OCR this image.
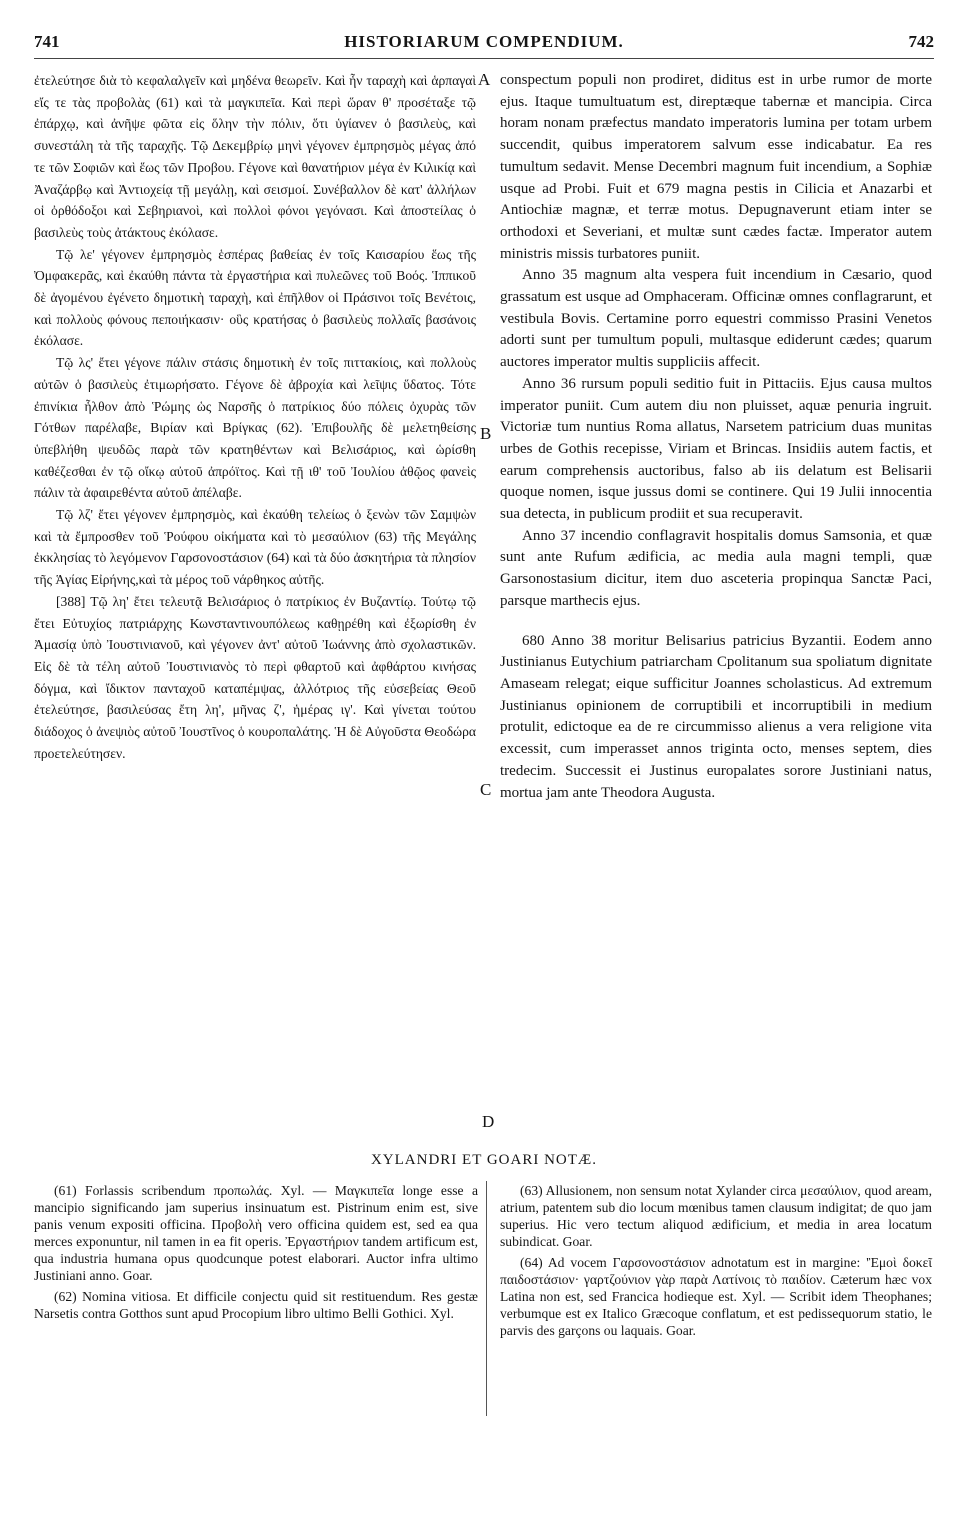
741	HISTORIARUM COMPENDIUM.	742

ἐτελεύτησε διὰ τὸ κεφαλαλγεῖν καὶ μηδένα θεωρεῖν. Καὶ ἦν ταραχὴ καὶ ἁρπαγαὶ εἴς τε τὰς προβολὰς (61) καὶ τὰ μαγκιπεῖα. Καὶ περὶ ὥραν θ' προσέταξε τῷ ἐπάρχῳ, καὶ ἀνῆψε φῶτα εἰς ὅλην τὴν πόλιν, ὅτι ὑγίανεν ὁ βασιλεὺς, καὶ συνεστάλη τὰ τῆς ταραχῆς. Τῷ Δεκεμβρίῳ μηνὶ γέγονεν ἐμπρησμὸς μέγας ἀπό τε τῶν Σοφιῶν καὶ ἕως τῶν Προβου. Γέγονε καὶ θανατήριον μέγα ἐν Κιλικίᾳ καὶ Ἀναζάρβῳ καὶ Ἀντιοχείᾳ τῇ μεγάλῃ, καὶ σεισμοί. Συνέβαλλον δὲ κατ' ἀλλήλων οἱ ὀρθόδοξοι καὶ Σεβηριανοὶ, καὶ πολλοὶ φόνοι γεγόνασι. Καὶ ἀποστείλας ὁ βασιλεὺς τοὺς ἀτάκτους ἐκόλασε.

Τῷ λε' γέγονεν ἐμπρησμὸς ἑσπέρας βαθείας ἐν τοῖς Καισαρίου ἕως τῆς Ὀμφακερᾶς, καὶ ἐκαύθη πάντα τὰ ἐργαστήρια καὶ πυλεῶνες τοῦ Βοός. Ἱππικοῦ δὲ ἀγομένου ἐγένετο δημοτικὴ ταραχὴ, καὶ ἐπῆλθον οἱ Πράσινοι τοῖς Βενέτοις, καὶ πολλοὺς φόνους πεποιήκασιν· οὓς κρατήσας ὁ βασιλεὺς πολλαῖς βασάνοις ἐκόλασε.

Τῷ λς' ἔτει γέγονε πάλιν στάσις δημοτικὴ ἐν τοῖς πιττακίοις, καὶ πολλοὺς αὐτῶν ὁ βασιλεὺς ἐτιμωρήσατο. Γέγονε δὲ ἀβροχία καὶ λεῖψις ὕδατος. Τότε ἐπινίκια ἦλθον ἀπὸ Ῥώμης ὡς Ναρσῆς ὁ πατρίκιος δύο πόλεις ὀχυρὰς τῶν Γότθων παρέλαβε, Βιρίαν καὶ Βρίγκας (62). Ἐπιβουλῆς δὲ μελετηθείσης ὑπεβλήθη ψευδῶς παρὰ τῶν κρατηθέντων καὶ Βελισάριος, καὶ ὡρίσθη καθέζεσθαι ἐν τῷ οἴκῳ αὐτοῦ ἀπρόϊτος. Καὶ τῇ ιθ' τοῦ Ἰουλίου ἀθῷος φανεὶς πάλιν τὰ ἀφαιρεθέντα αὐτοῦ ἀπέλαβε.

Τῷ λζ' ἔτει γέγονεν ἐμπρησμὸς, καὶ ἐκαύθη τελείως ὁ ξενὼν τῶν Σαμψὼν καὶ τὰ ἔμπροσθεν τοῦ Ῥούφου οἰκήματα καὶ τὸ μεσαύλιον (63) τῆς Μεγάλης ἐκκλησίας τὸ λεγόμενον Γαρσονοστάσιον (64) καὶ τὰ δύο ἀσκητήρια τὰ πλησίον τῆς Ἁγίας Εἰρήνης,καὶ τὰ μέρος τοῦ νάρθηκος αὐτῆς.

[388] Τῷ λη' ἔτει τελευτᾷ Βελισάριος ὁ πατρίκιος ἐν Βυζαντίῳ. Τούτῳ τῷ ἔτει Εὐτυχίος πατριάρχης Κωνσταντινουπόλεως καθῃρέθη καὶ ἐξωρίσθη ἐν Ἀμασίᾳ ὑπὸ Ἰουστινιανοῦ, καὶ γέγονεν ἀντ' αὐτοῦ Ἰωάννης ἀπὸ σχολαστικῶν. Εἰς δὲ τὰ τέλη αὐτοῦ Ἰουστινιανὸς τὸ περὶ φθαρτοῦ καὶ ἀφθάρτου κινήσας δόγμα, καὶ ἴδικτον πανταχοῦ καταπέμψας, ἀλλότριος τῆς εὐσεβείας Θεοῦ ἐτελεύτησε, βασιλεύσας ἔτη λη', μῆνας ζ', ἡμέρας ιγ'. Καὶ γίνεται τούτου διάδοχος ὁ ἀνεψιὸς αὐτοῦ Ἰουστῖνος ὁ κουροπαλάτης. Ἡ δὲ Αὐγοῦστα Θεοδώρα προετελεύτησεν.

A
B
C
D

conspectum populi non prodiret, diditus est in urbe rumor de morte ejus. Itaque tumultuatum est, direptæque tabernæ et mancipia. Circa horam nonam præfectus mandato imperatoris lumina per totam urbem succendit, quibus imperatorem salvum esse indicabatur. Ea res tumultum sedavit. Mense Decembri magnum fuit incendium, a Sophiæ usque ad Probi. Fuit et 679 magna pestis in Cilicia et Anazarbi et Antiochiæ magnæ, et terræ motus. Depugnaverunt etiam inter se orthodoxi et Severiani, et multæ sunt cædes factæ. Imperator autem ministris missis turbatores puniit.

Anno 35 magnum alta vespera fuit incendium in Cæsario, quod grassatum est usque ad Omphaceram. Officinæ omnes conflagrarunt, et vestibula Bovis. Certamine porro equestri commisso Prasini Venetos adorti sunt per tumultum populi, multasque ediderunt cædes; quarum auctores imperator multis suppliciis affecit.

Anno 36 rursum populi seditio fuit in Pittaciis. Ejus causa multos imperator puniit. Cum autem diu non pluisset, aquæ penuria ingruit. Victoriæ tum nuntius Roma allatus, Narsetem patricium duas munitas urbes de Gothis recepisse, Viriam et Brincas. Insidiis autem factis, et earum comprehensis auctoribus, falso ab iis delatum est Belisarii quoque nomen, isque jussus domi se continere. Qui 19 Julii innocentia sua detecta, in publicum prodiit et sua recuperavit.

Anno 37 incendio conflagravit hospitalis domus Samsonia, et quæ sunt ante Rufum ædificia, ac media aula magni templi, quæ Garsonostasium dicitur, item duo asceteria propinqua Sanctæ Paci, parsque marthecis ejus.

680 Anno 38 moritur Belisarius patricius Byzantii. Eodem anno Justinianus Eutychium patriarcham Cpolitanum sua spoliatum dignitate Amaseam relegat; eique sufficitur Joannes scholasticus. Ad extremum Justinianus opinionem de corruptibili et incorruptibili in medium protulit, edictoque ea de re circummisso alienus a vera religione vita excessit, cum imperasset annos triginta octo, menses septem, dies tredecim. Successit ei Justinus europalates sorore Justiniani natus, mortua jam ante Theodora Augusta.

XYLANDRI ET GOARI NOTÆ.

(61) Forlassis scribendum προπωλάς. Xyl. — Μαγκιπεῖα longe esse a mancipio significando jam superius insinuatum est. Pistrinum enim est, sive panis venum expositi officina. Προβολὴ vero officina quidem est, sed ea qua merces exponuntur, nil tamen in ea fit operis. Ἐργαστήριον tandem artificum est, qua industria humana opus quodcunque potest elaborari. Auctor infra ultimo Justiniani anno. Goar.

(62) Nomina vitiosa. Et difficile conjectu quid sit restituendum. Res gestæ Narsetis contra Gotthos sunt apud Procopium libro ultimo Belli Gothici. Xyl.

(63) Allusionem, non sensum notat Xylander circa μεσαύλιον, quod aream, atrium, patentem sub dio locum mœnibus tamen clausum indigitat; de quo jam superius. Hic vero tectum aliquod ædificium, et media in area locatum subindicat. Goar.

(64) Ad vocem Γαρσονοστάσιον adnotatum est in margine: 'Ἐμοὶ δοκεῖ παιδοστάσιον· γαρτζούνιον γὰρ παρὰ Λατίνοις τὸ παιδίον. Cæterum hæc vox Latina non est, sed Francica hodieque est. Xyl. — Scribit idem Theophanes; verbumque est ex Italico Græcoque conflatum, et est pedissequorum statio, le parvis des garçons ou laquais. Goar.
